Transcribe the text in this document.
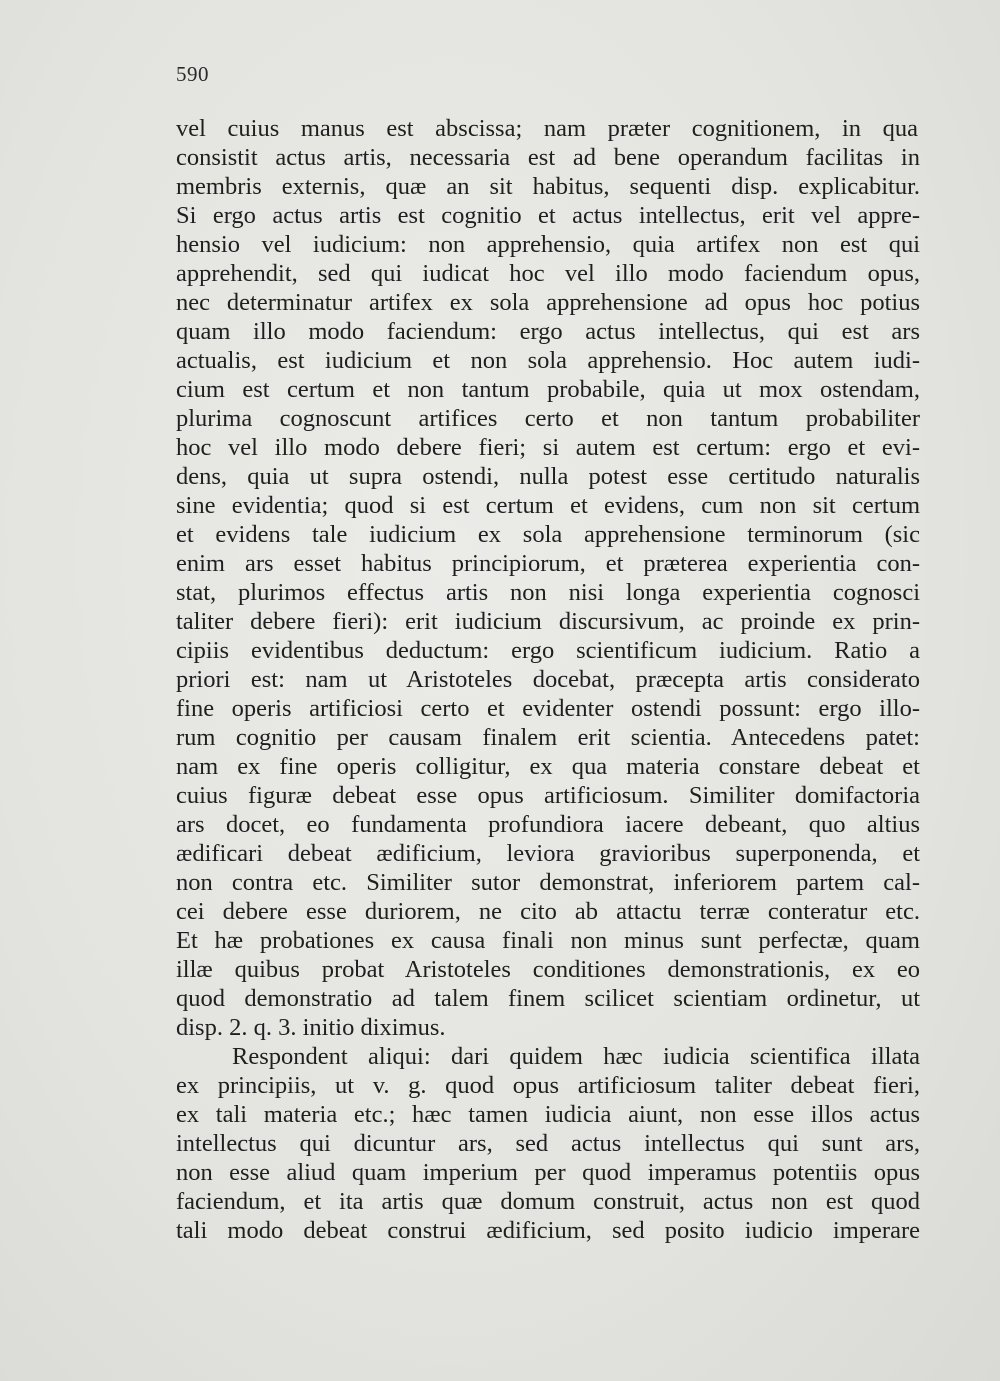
590
vel cuius manus est abscissa; nam præter cognitionem, in qua
consistit actus artis, necessaria est ad bene operandum facilitas in
membris externis, quæ an sit habitus, sequenti disp. explicabitur.
Si ergo actus artis est cognitio et actus intellectus, erit vel appre-
hensio vel iudicium: non apprehensio, quia artifex non est qui
apprehendit, sed qui iudicat hoc vel illo modo faciendum opus,
nec determinatur artifex ex sola apprehensione ad opus hoc potius
quam illo modo faciendum: ergo actus intellectus, qui est ars
actualis, est iudicium et non sola apprehensio. Hoc autem iudi-
cium est certum et non tantum probabile, quia ut mox ostendam,
plurima cognoscunt artifices certo et non tantum probabiliter
hoc vel illo modo debere fieri; si autem est certum: ergo et evi-
dens, quia ut supra ostendi, nulla potest esse certitudo naturalis
sine evidentia; quod si est certum et evidens, cum non sit certum
et evidens tale iudicium ex sola apprehensione terminorum (sic
enim ars esset habitus principiorum, et præterea experientia con-
stat, plurimos effectus artis non nisi longa experientia cognosci
taliter debere fieri): erit iudicium discursivum, ac proinde ex prin-
cipiis evidentibus deductum: ergo scientificum iudicium. Ratio a
priori est: nam ut Aristoteles docebat, præcepta artis considerato
fine operis artificiosi certo et evidenter ostendi possunt: ergo illo-
rum cognitio per causam finalem erit scientia. Antecedens patet:
nam ex fine operis colligitur, ex qua materia constare debeat et
cuius figuræ debeat esse opus artificiosum. Similiter domifactoria
ars docet, eo fundamenta profundiora iacere debeant, quo altius
ædificari debeat ædificium, leviora gravioribus superponenda, et
non contra etc. Similiter sutor demonstrat, inferiorem partem cal-
cei debere esse duriorem, ne cito ab attactu terræ conteratur etc.
Et hæ probationes ex causa finali non minus sunt perfectæ, quam
illæ quibus probat Aristoteles conditiones demonstrationis, ex eo
quod demonstratio ad talem finem scilicet scientiam ordinetur, ut
disp. 2. q. 3. initio diximus.
Respondent aliqui: dari quidem hæc iudicia scientifica illata
ex principiis, ut v. g. quod opus artificiosum taliter debeat fieri,
ex tali materia etc.; hæc tamen iudicia aiunt, non esse illos actus
intellectus qui dicuntur ars, sed actus intellectus qui sunt ars,
non esse aliud quam imperium per quod imperamus potentiis opus
faciendum, et ita artis quæ domum construit, actus non est quod
tali modo debeat construi ædificium, sed posito iudicio imperare
